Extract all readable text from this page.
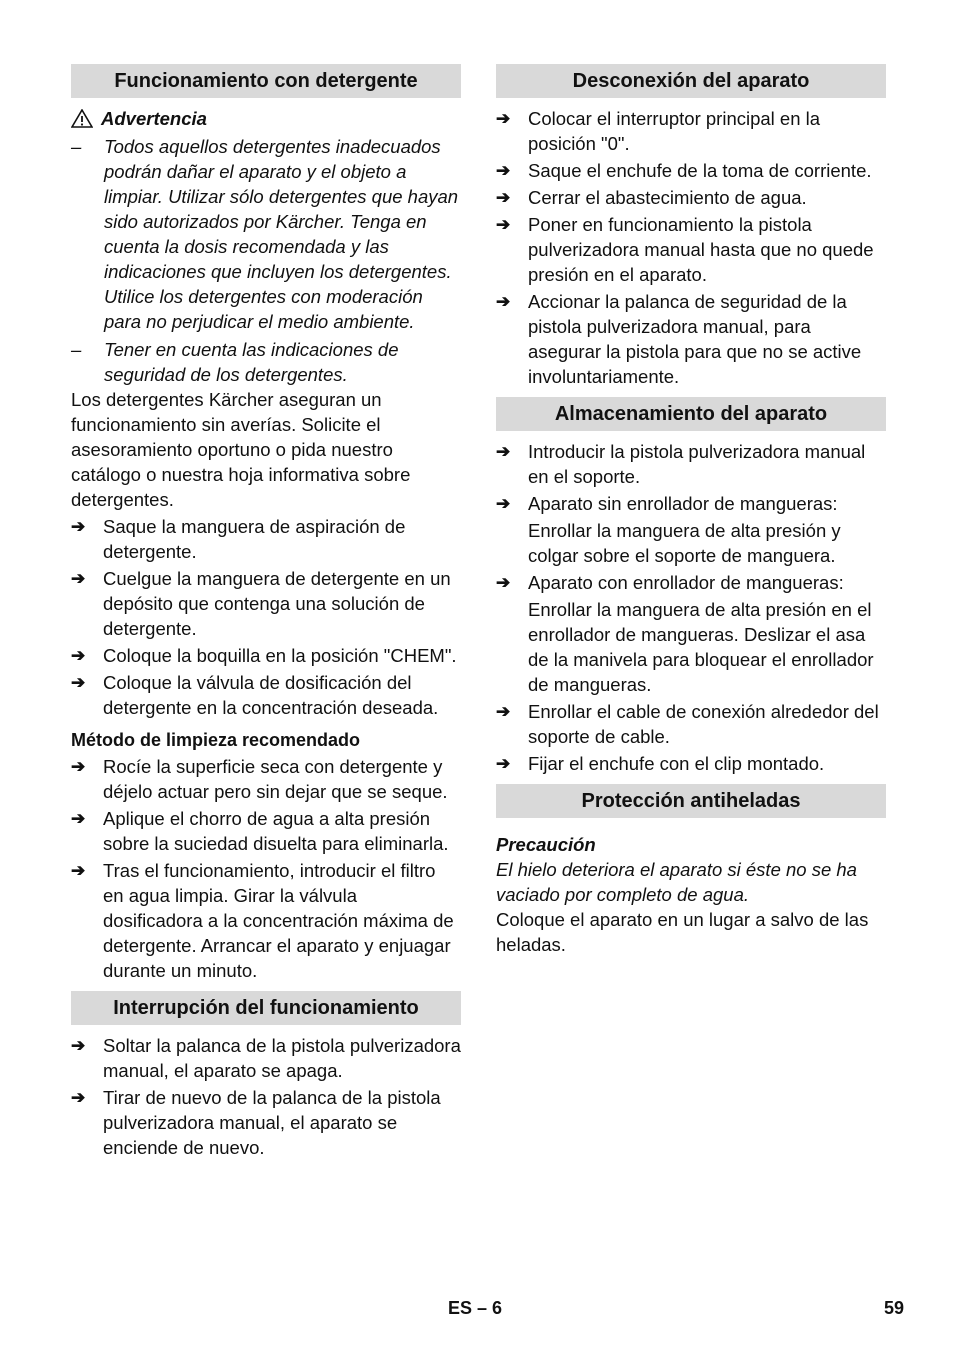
Funcionamiento con detergente
Advertencia
–	Todos aquellos detergentes inadecuados podrán dañar el aparato y el objeto a limpiar. Utilizar sólo detergentes que hayan sido autorizados por Kärcher. Tenga en cuenta la dosis recomendada y las indicaciones que incluyen los detergentes. Utilice los detergentes con moderación para no perjudicar el medio ambiente.
–	Tener en cuenta las indicaciones de seguridad de los detergentes.
Los detergentes Kärcher aseguran un funcionamiento sin averías. Solicite el asesoramiento oportuno o pida nuestro catálogo o nuestra hoja informativa sobre detergentes.
➔ Saque la manguera de aspiración de detergente.
➔ Cuelgue la manguera de detergente en un depósito que contenga una solución de detergente.
➔ Coloque la boquilla en la posición "CHEM".
➔ Coloque la válvula de dosificación del detergente en la concentración deseada.
Método de limpieza recomendado
➔ Rocíe la superficie seca con detergente y déjelo actuar pero sin dejar que se seque.
➔ Aplique el chorro de agua a alta presión sobre la suciedad disuelta para eliminarla.
➔ Tras el funcionamiento, introducir el filtro en agua limpia. Girar la válvula dosificadora a la concentración máxima de detergente. Arrancar el aparato y enjuagar durante un minuto.
Interrupción del funcionamiento
➔ Soltar la palanca de la pistola pulverizadora manual, el aparato se apaga.
➔ Tirar de nuevo de la palanca de la pistola pulverizadora manual, el aparato se enciende de nuevo.
Desconexión del aparato
➔ Colocar el interruptor principal en la posición "0".
➔ Saque el enchufe de la toma de corriente.
➔ Cerrar el abastecimiento de agua.
➔ Poner en funcionamiento la pistola pulverizadora manual hasta que no quede presión en el aparato.
➔ Accionar la palanca de seguridad de la pistola pulverizadora manual, para asegurar la pistola para que no se active involuntariamente.
Almacenamiento del aparato
➔ Introducir la pistola pulverizadora manual en el soporte.
➔ Aparato sin enrollador de mangueras:
Enrollar la manguera de alta presión y colgar sobre el soporte de manguera.
➔ Aparato con enrollador de mangueras:
Enrollar la manguera de alta presión en el enrollador de mangueras. Deslizar el asa de la manivela para bloquear el enrollador de mangueras.
➔ Enrollar el cable de conexión alrededor del soporte de cable.
➔ Fijar el enchufe con el clip montado.
Protección antiheladas
Precaución
El hielo deteriora el aparato si éste no se ha vaciado por completo de agua.
Coloque el aparato en un lugar a salvo de las heladas.
ES – 6	59
